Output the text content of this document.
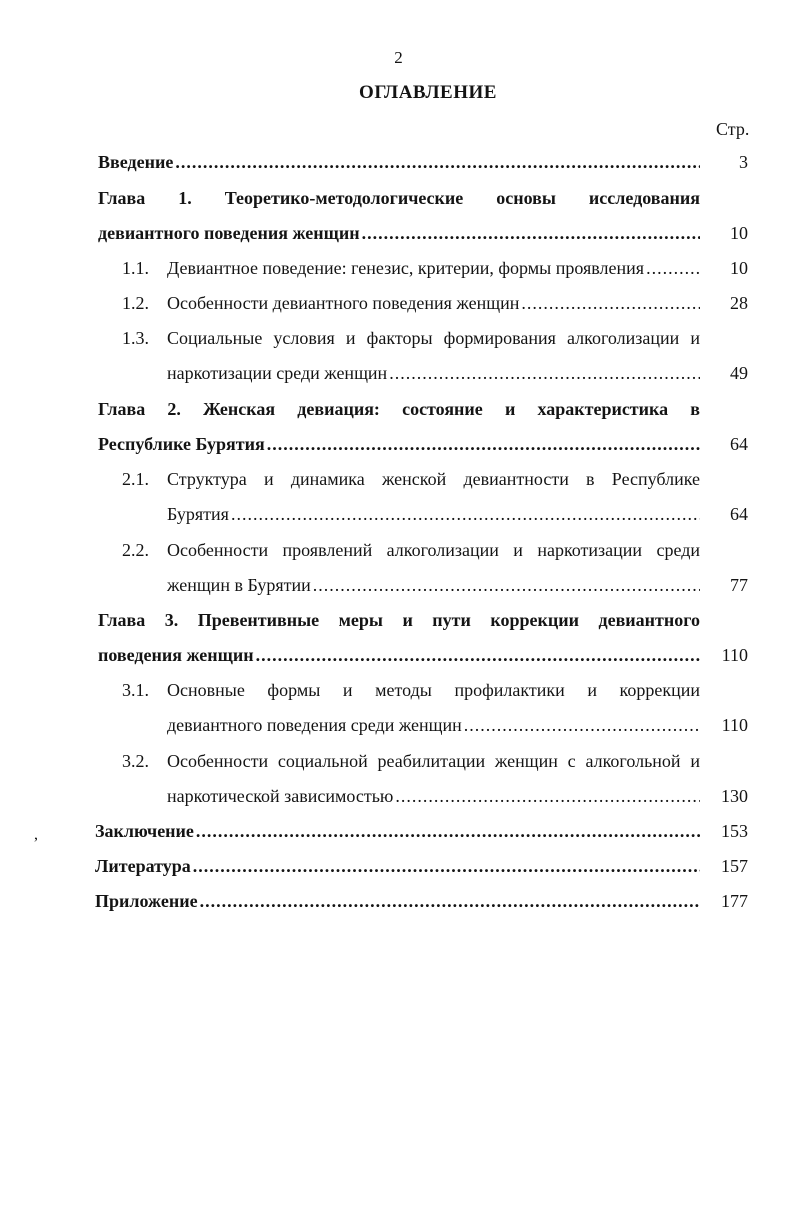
2
ОГЛАВЛЕНИЕ
Стр.
Введение .....	3
Глава 1. Теоретико-методологические основы исследования
девиантного поведения женщин .....	10
1.1. Девиантное поведение: генезис, критерии, формы проявления .....	10
1.2. Особенности девиантного поведения женщин .....	28
1.3. Социальные условия и факторы формирования алкоголизации и
наркотизации среди женщин .....	49
Глава 2. Женская девиация: состояние и характеристика в
Республике Бурятия .....	64
2.1. Структура и динамика женской девиантности в Республике
Бурятия .....	64
2.2. Особенности проявлений алкоголизации и наркотизации среди
женщин в Бурятии .....	77
Глава 3. Превентивные меры и пути коррекции девиантного
поведения женщин .....	110
3.1. Основные формы и методы профилактики и коррекции
девиантного поведения среди женщин .....	110
3.2. Особенности социальной реабилитации женщин с алкогольной и
наркотической зависимостью .....	130
Заключение .....	153
Литература .....	157
Приложение .....	177
,
